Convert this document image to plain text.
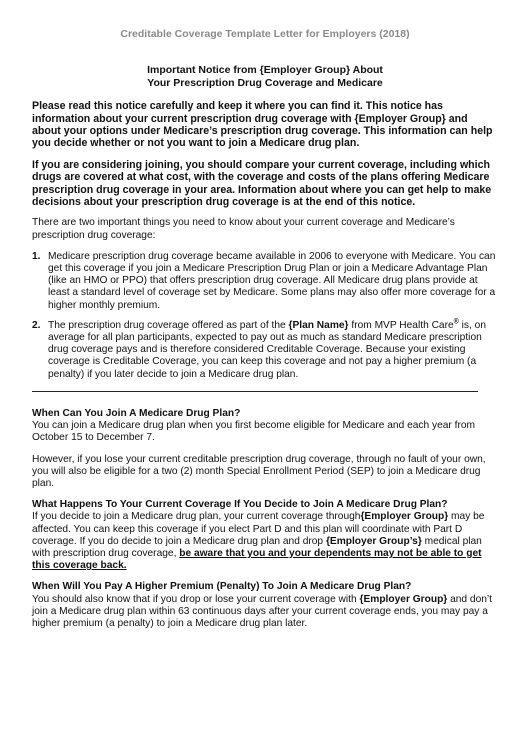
Creditable Coverage Template Letter for Employers (2018)
Important Notice from {Employer Group} About
Your Prescription Drug Coverage and Medicare

Please read this notice carefully and keep it where you can find it. This notice has information about your current prescription drug coverage with {Employer Group} and about your options under Medicare’s prescription drug coverage. This information can help you decide whether or not you want to join a Medicare drug plan.

If you are considering joining, you should compare your current coverage, including which drugs are covered at what cost, with the coverage and costs of the plans offering Medicare prescription drug coverage in your area. Information about where you can get help to make decisions about your prescription drug coverage is at the end of this notice.

There are two important things you need to know about your current coverage and Medicare’s prescription drug coverage:

1. Medicare prescription drug coverage became available in 2006 to everyone with Medicare. You can get this coverage if you join a Medicare Prescription Drug Plan or join a Medicare Advantage Plan (like an HMO or PPO) that offers prescription drug coverage. All Medicare drug plans provide at least a standard level of coverage set by Medicare. Some plans may also offer more coverage for a higher monthly premium.
2. The prescription drug coverage offered as part of the {Plan Name} from MVP Health Care® is, on average for all plan participants, expected to pay out as much as standard Medicare prescription drug coverage pays and is therefore considered Creditable Coverage. Because your existing coverage is Creditable Coverage, you can keep this coverage and not pay a higher premium (a penalty) if you later decide to join a Medicare drug plan.
When Can You Join A Medicare Drug Plan?
You can join a Medicare drug plan when you first become eligible for Medicare and each year from October 15 to December 7.

However, if you lose your current creditable prescription drug coverage, through no fault of your own, you will also be eligible for a two (2) month Special Enrollment Period (SEP) to join a Medicare drug plan.

What Happens To Your Current Coverage If You Decide to Join A Medicare Drug Plan?
If you decide to join a Medicare drug plan, your current coverage through{Employer Group} may be affected. You can keep this coverage if you elect Part D and this plan will coordinate with Part D coverage. If you do decide to join a Medicare drug plan and drop {Employer Group’s} medical plan with prescription drug coverage, be aware that you and your dependents may not be able to get this coverage back.
When Will You Pay A Higher Premium (Penalty) To Join A Medicare Drug Plan?
You should also know that if you drop or lose your current coverage with {Employer Group} and don’t join a Medicare drug plan within 63 continuous days after your current coverage ends, you may pay a higher premium (a penalty) to join a Medicare drug plan later.
